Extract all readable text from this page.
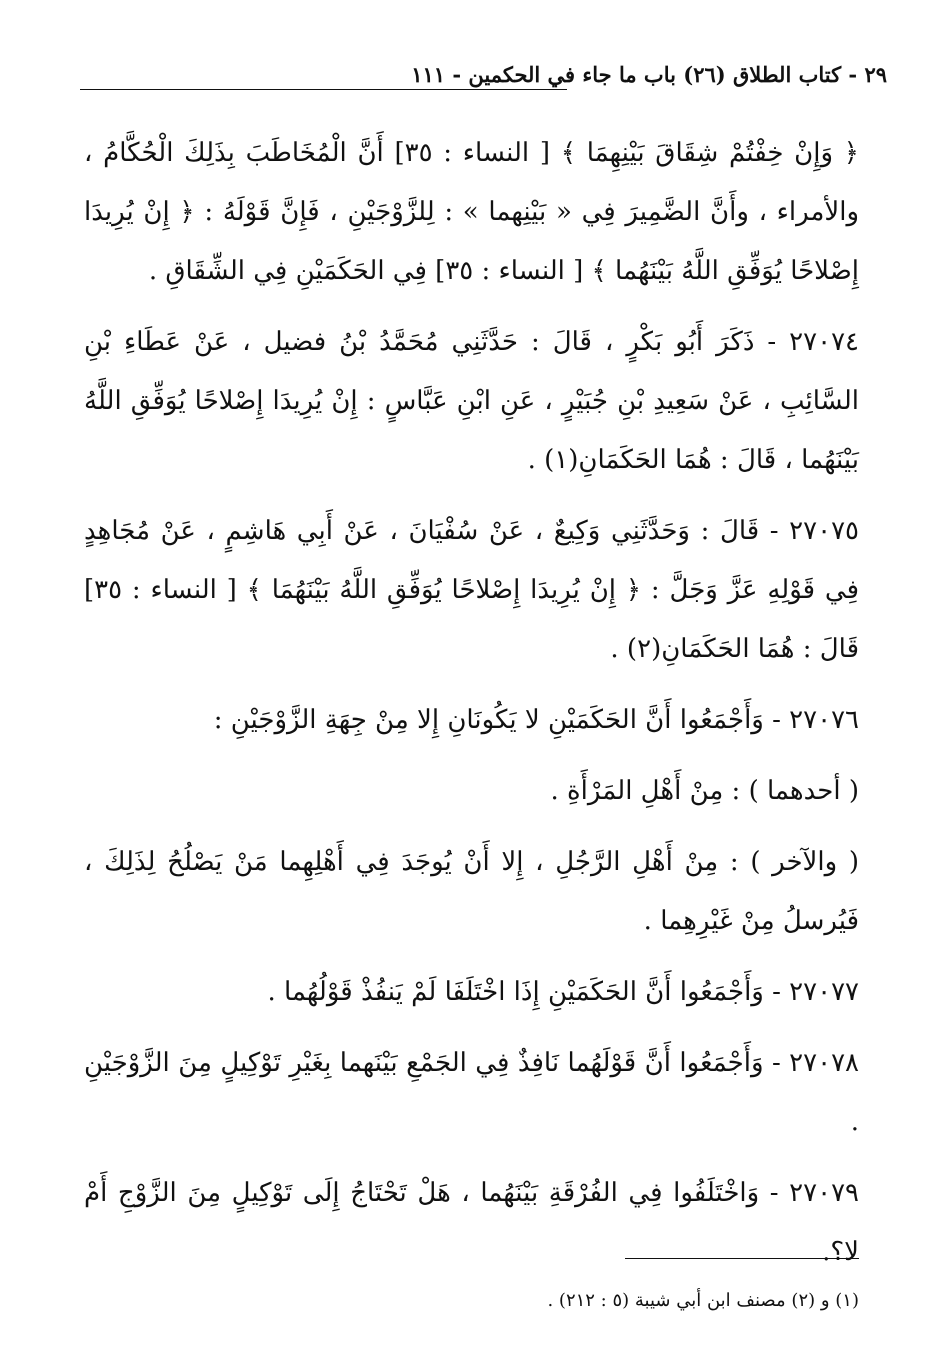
٢٩ - كتاب الطلاق (٢٦) باب ما جاء في الحكمين - ١١١

﴿ وَإِنْ خِفْتُمْ شِقَاقَ بَيْنِهِمَا ﴾ [ النساء : ٣٥] أَنَّ الْمُخَاطَبَ بِذَلِكَ الْحُكَّامُ ، والأمراء ، وأَنَّ الضَّمِيرَ فِي « بَيْنِهما » : لِلزَّوْجَيْنِ ، فَإِنَّ قَوْلَهُ : ﴿ إِنْ يُرِيدَا إِصْلاحًا يُوَفِّقِ اللَّهُ بَيْنَهُما ﴾ [ النساء : ٣٥] فِي الحَكَمَيْنِ فِي الشِّقَاقِ .

٢٧٠٧٤ - ذَكَرَ أَبُو بَكْرٍ ، قَالَ : حَدَّثَنِي مُحَمَّدُ بْنُ فضيل ، عَنْ عَطَاءِ بْنِ السَّائِبِ ، عَنْ سَعِيدِ بْنِ جُبَيْرٍ ، عَنِ ابْنِ عَبَّاسٍ : إِنْ يُرِيدَا إِصْلاحًا يُوَفِّقِ اللَّهُ بَيْنَهُما ، قَالَ : هُمَا الحَكَمَانِ(١) .

٢٧٠٧٥ - قَالَ : وَحَدَّثَنِي وَكِيعٌ ، عَنْ سُفْيَانَ ، عَنْ أَبِي هَاشِمٍ ، عَنْ مُجَاهِدٍ فِي قَوْلِهِ عَزَّ وَجَلَّ : ﴿ إِنْ يُرِيدَا إِصْلاحًا يُوَفِّقِ اللَّهُ بَيْنَهُمَا ﴾ [ النساء : ٣٥] قَالَ : هُمَا الحَكَمَانِ(٢) .

٢٧٠٧٦ - وَأَجْمَعُوا أَنَّ الحَكَمَيْنِ لا يَكُونَانِ إِلا مِنْ جِهَةِ الزَّوْجَيْنِ :

( أحدهما ) : مِنْ أَهْلِ المَرْأَةِ .

( والآخر ) : مِنْ أَهْلِ الرَّجُلِ ، إِلا أَنْ يُوجَدَ فِي أَهْلِهِما مَنْ يَصْلُحُ لِذَلِكَ ، فَيُرسلُ مِنْ غَيْرِهِما .

٢٧٠٧٧ - وَأَجْمَعُوا أَنَّ الحَكَمَيْنِ إِذَا اخْتَلَفَا لَمْ يَنفُذْ قَوْلُهُما .

٢٧٠٧٨ - وَأَجْمَعُوا أَنَّ قَوْلَهُما نَافِذٌ فِي الجَمْعِ بَيْنَهما بِغَيْرِ تَوْكِيلٍ مِنَ الزَّوْجَيْنِ .

٢٧٠٧٩ - وَاخْتَلَفُوا فِي الفُرْقَةِ بَيْنَهُما ، هَلْ تَحْتَاجُ إِلَى تَوْكِيلٍ مِنَ الزَّوْجِ أَمْ لا؟.

(١) و (٢) مصنف ابن أبي شيبة (٥ : ٢١٢) .
